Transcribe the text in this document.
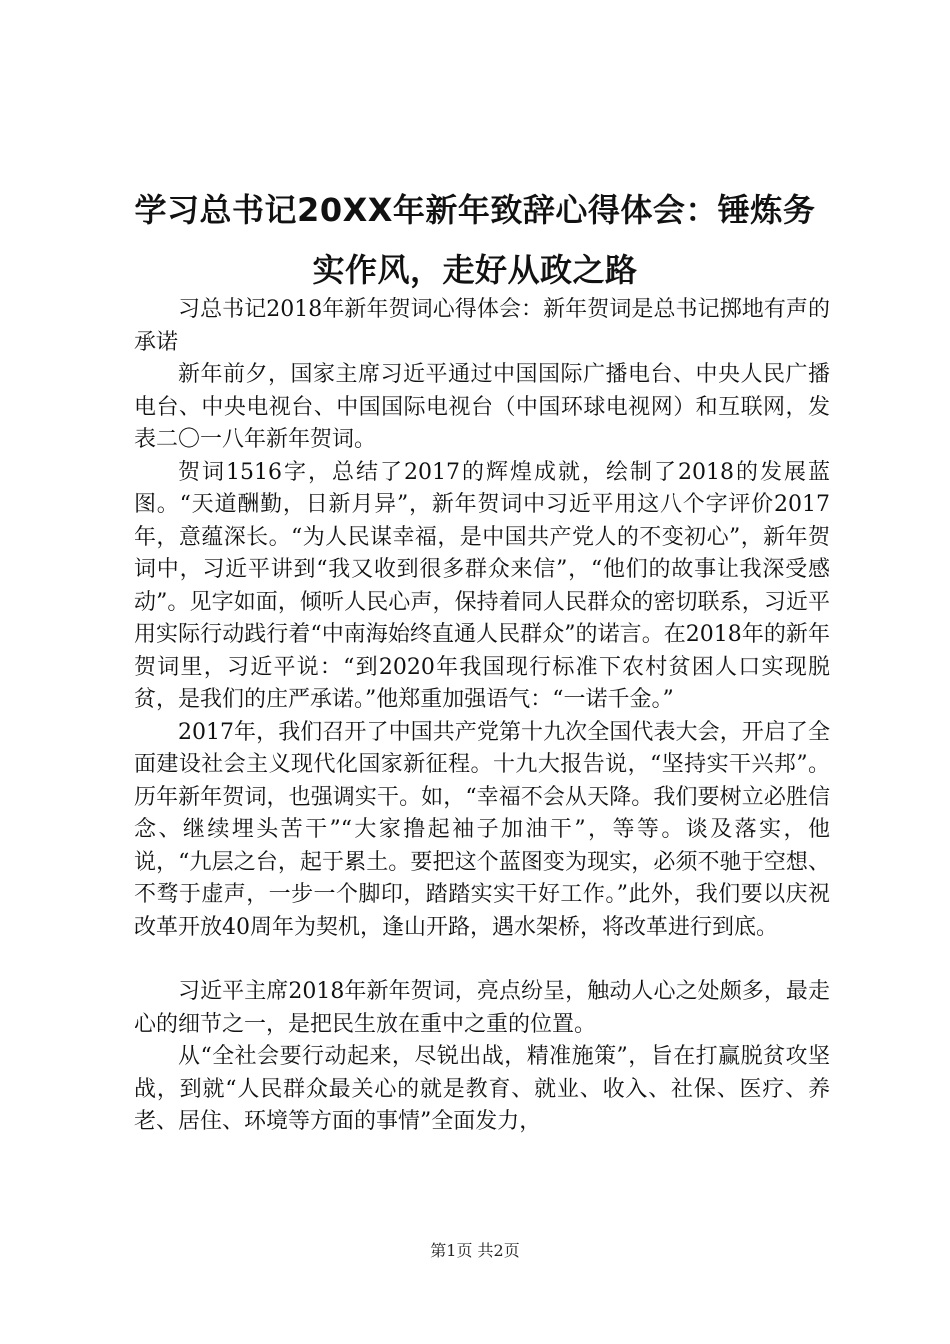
学习总书记20XX年新年致辞心得体会：锤炼务实作风，走好从政之路

习总书记2018年新年贺词心得体会：新年贺词是总书记掷地有声的承诺

新年前夕，国家主席习近平通过中国国际广播电台、中央人民广播电台、中央电视台、中国国际电视台（中国环球电视网）和互联网，发表二〇一八年新年贺词。

贺词1516字，总结了2017的辉煌成就，绘制了2018的发展蓝图。“天道酬勤，日新月异”，新年贺词中习近平用这八个字评价2017年，意蕴深长。“为人民谋幸福，是中国共产党人的不变初心”，新年贺词中，习近平讲到“我又收到很多群众来信”，“他们的故事让我深受感动”。见字如面，倾听人民心声，保持着同人民群众的密切联系，习近平用实际行动践行着“中南海始终直通人民群众”的诺言。在2018年的新年贺词里，习近平说：“到2020年我国现行标准下农村贫困人口实现脱贫，是我们的庄严承诺。”他郑重加强语气：“一诺千金。”

2017年，我们召开了中国共产党第十九次全国代表大会，开启了全面建设社会主义现代化国家新征程。十九大报告说，“坚持实干兴邦”。历年新年贺词，也强调实干。如，“幸福不会从天降。我们要树立必胜信念、继续埋头苦干”“大家撸起袖子加油干”，等等。谈及落实，他说，“九层之台，起于累土。要把这个蓝图变为现实，必须不驰于空想、不骛于虚声，一步一个脚印，踏踏实实干好工作。”此外，我们要以庆祝改革开放40周年为契机，逢山开路，遇水架桥，将改革进行到底。

习近平主席2018年新年贺词，亮点纷呈，触动人心之处颇多，最走心的细节之一，是把民生放在重中之重的位置。

从“全社会要行动起来，尽锐出战，精准施策”，旨在打赢脱贫攻坚战，到就“人民群众最关心的就是教育、就业、收入、社保、医疗、养老、居住、环境等方面的事情”全面发力，

第1页 共2页
